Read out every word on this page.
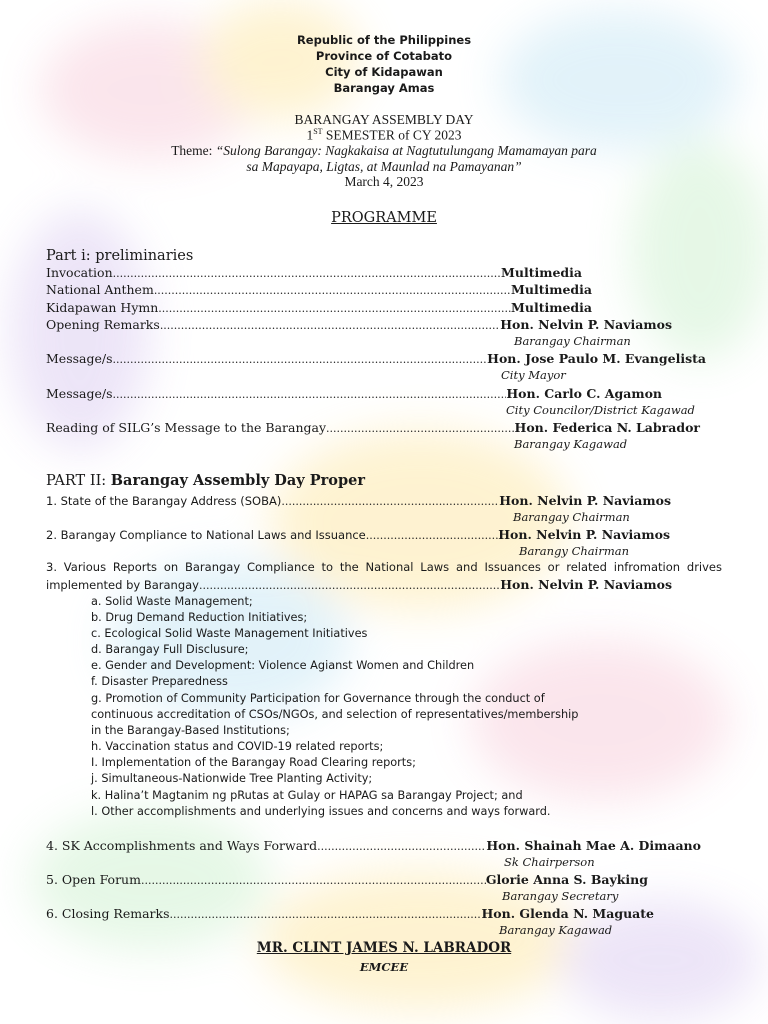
Republic of the Philippines
Province of Cotabato
City of Kidapawan
Barangay Amas
BARANGAY ASSEMBLY DAY
1ST SEMESTER of CY 2023
Theme: “Sulong Barangay: Nagkakaisa at Nagtutulungang Mamamayan para
sa Mapayapa, Ligtas, at Maunlad na Pamayanan”
March 4, 2023
PROGRAMME
Part i: preliminaries
Invocation .....	Multimedia
National Anthem .....	Multimedia
Kidapawan Hymn .....	Multimedia
Opening Remarks .....	Hon. Nelvin P. Naviamos
Barangay Chairman
Message/s .....	Hon. Jose Paulo M. Evangelista
City Mayor
Message/s .....	Hon. Carlo C. Agamon
City Councilor/District Kagawad
Reading of SILG’s Message to the Barangay .....	Hon. Federica N. Labrador
Barangay Kagawad
PART II: Barangay Assembly Day Proper
1. State of the Barangay Address (SOBA) .....	Hon. Nelvin P. Naviamos
Barangay Chairman
2. Barangay Compliance to National Laws and Issuance .....	Hon. Nelvin P. Naviamos
Barangy Chairman
3. Various Reports on Barangay Compliance to the National Laws and Issuances or related infromation drives
implemented by Barangay .....	Hon. Nelvin P. Naviamos
a. Solid Waste Management;
b. Drug Demand Reduction Initiatives;
c. Ecological Solid Waste Management Initiatives
d. Barangay Full Disclusure;
e. Gender and Development: Violence Agianst Women and Children
f. Disaster Preparedness
g. Promotion of Community Participation for Governance through the conduct of
continuous accreditation of CSOs/NGOs, and selection of representatives/membership
in the Barangay-Based Institutions;
h. Vaccination status and COVID-19 related reports;
I. Implementation of the Barangay Road Clearing reports;
j. Simultaneous-Nationwide Tree Planting Activity;
k. Halina’t Magtanim ng pRutas at Gulay or HAPAG sa Barangay Project; and
l. Other accomplishments and underlying issues and concerns and ways forward.
4. SK Accomplishments and Ways Forward .....	Hon. Shainah Mae A. Dimaano
Sk Chairperson
5. Open Forum .....	Glorie Anna S. Bayking
Barangay Secretary
6. Closing Remarks .....	Hon. Glenda N. Maguate
Barangay Kagawad
MR. CLINT JAMES N. LABRADOR
EMCEE
